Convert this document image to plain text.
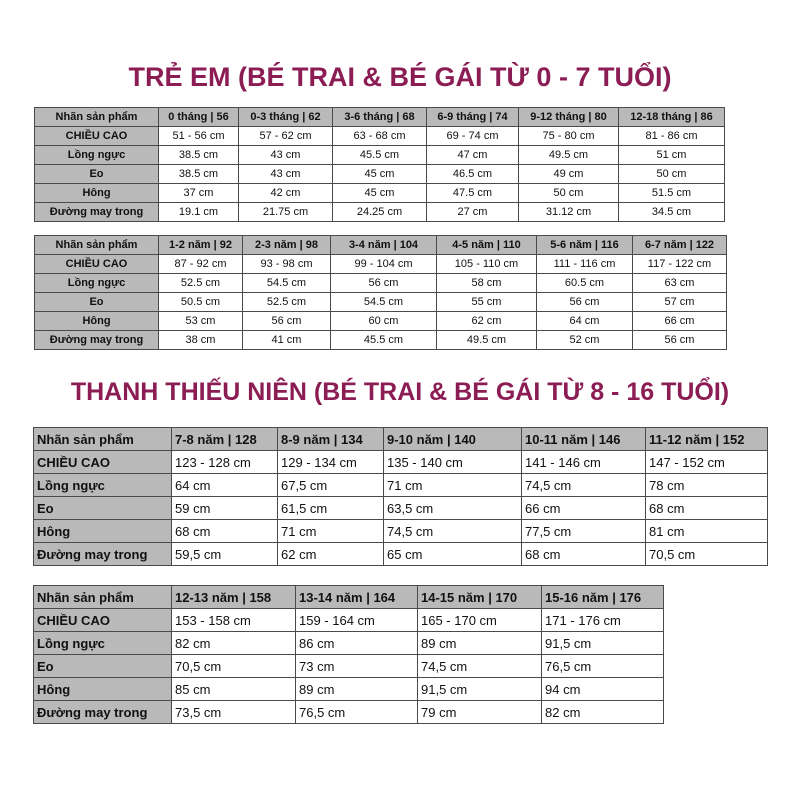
TRẺ EM (BÉ TRAI & BÉ GÁI TỪ 0 - 7 TUỔI)
Nhãn sản phẩm	0 tháng | 56	0-3 tháng | 62	3-6 tháng | 68	6-9 tháng | 74	9-12 tháng | 80	12-18 tháng | 86
CHIỀU CAO	51 - 56 cm	57 - 62 cm	63 - 68 cm	69 - 74 cm	75 - 80 cm	81 - 86 cm
Lồng ngực	38.5 cm	43 cm	45.5 cm	47 cm	49.5 cm	51 cm
Eo	38.5 cm	43 cm	45 cm	46.5 cm	49 cm	50 cm
Hông	37 cm	42 cm	45 cm	47.5 cm	50 cm	51.5 cm
Đường may trong	19.1 cm	21.75 cm	24.25 cm	27 cm	31.12 cm	34.5 cm
Nhãn sản phẩm	1-2 năm | 92	2-3 năm | 98	3-4 năm | 104	4-5 năm | 110	5-6 năm | 116	6-7 năm | 122
CHIỀU CAO	87 - 92 cm	93 - 98 cm	99 - 104 cm	105 - 110 cm	111 - 116 cm	117 - 122 cm
Lồng ngực	52.5 cm	54.5 cm	56 cm	58 cm	60.5 cm	63 cm
Eo	50.5 cm	52.5 cm	54.5 cm	55 cm	56 cm	57 cm
Hông	53 cm	56 cm	60 cm	62 cm	64 cm	66 cm
Đường may trong	38 cm	41 cm	45.5 cm	49.5 cm	52 cm	56 cm
THANH THIẾU NIÊN (BÉ TRAI & BÉ GÁI TỪ 8 - 16 TUỔI)
Nhãn sản phẩm	7-8 năm | 128	8-9 năm | 134	9-10 năm | 140	10-11 năm | 146	11-12 năm | 152
CHIỀU CAO	123 - 128 cm	129 - 134 cm	135 - 140 cm	141 - 146 cm	147 - 152 cm
Lồng ngực	64 cm	67,5 cm	71 cm	74,5 cm	78 cm
Eo	59 cm	61,5 cm	63,5 cm	66 cm	68 cm
Hông	68 cm	71 cm	74,5 cm	77,5 cm	81 cm
Đường may trong	59,5 cm	62 cm	65 cm	68 cm	70,5 cm
Nhãn sản phẩm	12-13 năm | 158	13-14 năm | 164	14-15 năm | 170	15-16 năm | 176
CHIỀU CAO	153 - 158 cm	159 - 164 cm	165 - 170 cm	171 - 176 cm
Lồng ngực	82 cm	86 cm	89 cm	91,5 cm
Eo	70,5 cm	73 cm	74,5 cm	76,5 cm
Hông	85 cm	89 cm	91,5 cm	94 cm
Đường may trong	73,5 cm	76,5 cm	79 cm	82 cm
